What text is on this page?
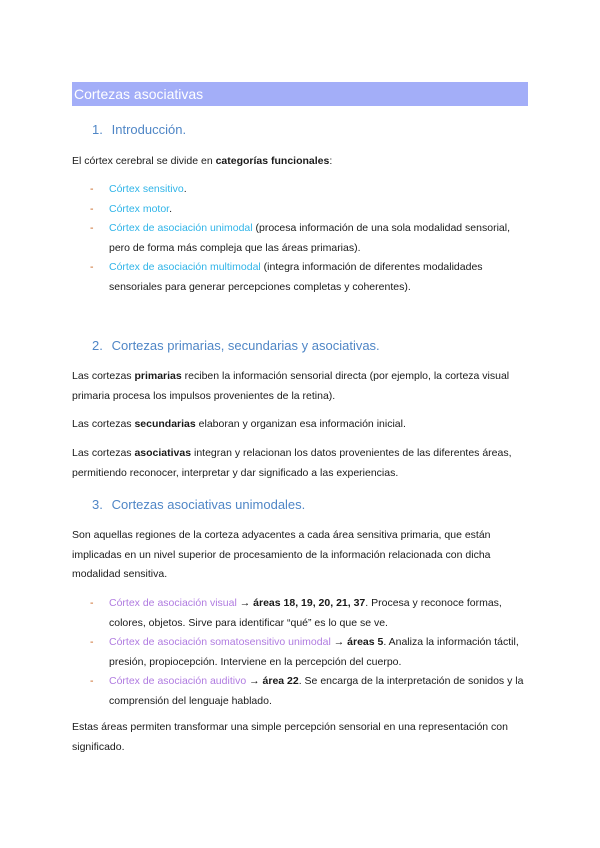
Cortezas asociativas
1. Introducción.
El córtex cerebral se divide en categorías funcionales:
- Córtex sensitivo.
- Córtex motor.
- Córtex de asociación unimodal (procesa información de una sola modalidad sensorial, pero de forma más compleja que las áreas primarias).
- Córtex de asociación multimodal (integra información de diferentes modalidades sensoriales para generar percepciones completas y coherentes).
2. Cortezas primarias, secundarias y asociativas.
Las cortezas primarias reciben la información sensorial directa (por ejemplo, la corteza visual primaria procesa los impulsos provenientes de la retina).
Las cortezas secundarias elaboran y organizan esa información inicial.
Las cortezas asociativas integran y relacionan los datos provenientes de las diferentes áreas, permitiendo reconocer, interpretar y dar significado a las experiencias.
3. Cortezas asociativas unimodales.
Son aquellas regiones de la corteza adyacentes a cada área sensitiva primaria, que están implicadas en un nivel superior de procesamiento de la información relacionada con dicha modalidad sensitiva.
- Córtex de asociación visual → áreas 18, 19, 20, 21, 37. Procesa y reconoce formas, colores, objetos. Sirve para identificar “qué” es lo que se ve.
- Córtex de asociación somatosensitivo unimodal → áreas 5. Analiza la información táctil, presión, propiocepción. Interviene en la percepción del cuerpo.
- Córtex de asociación auditivo → área 22. Se encarga de la interpretación de sonidos y la comprensión del lenguaje hablado.
Estas áreas permiten transformar una simple percepción sensorial en una representación con significado.
